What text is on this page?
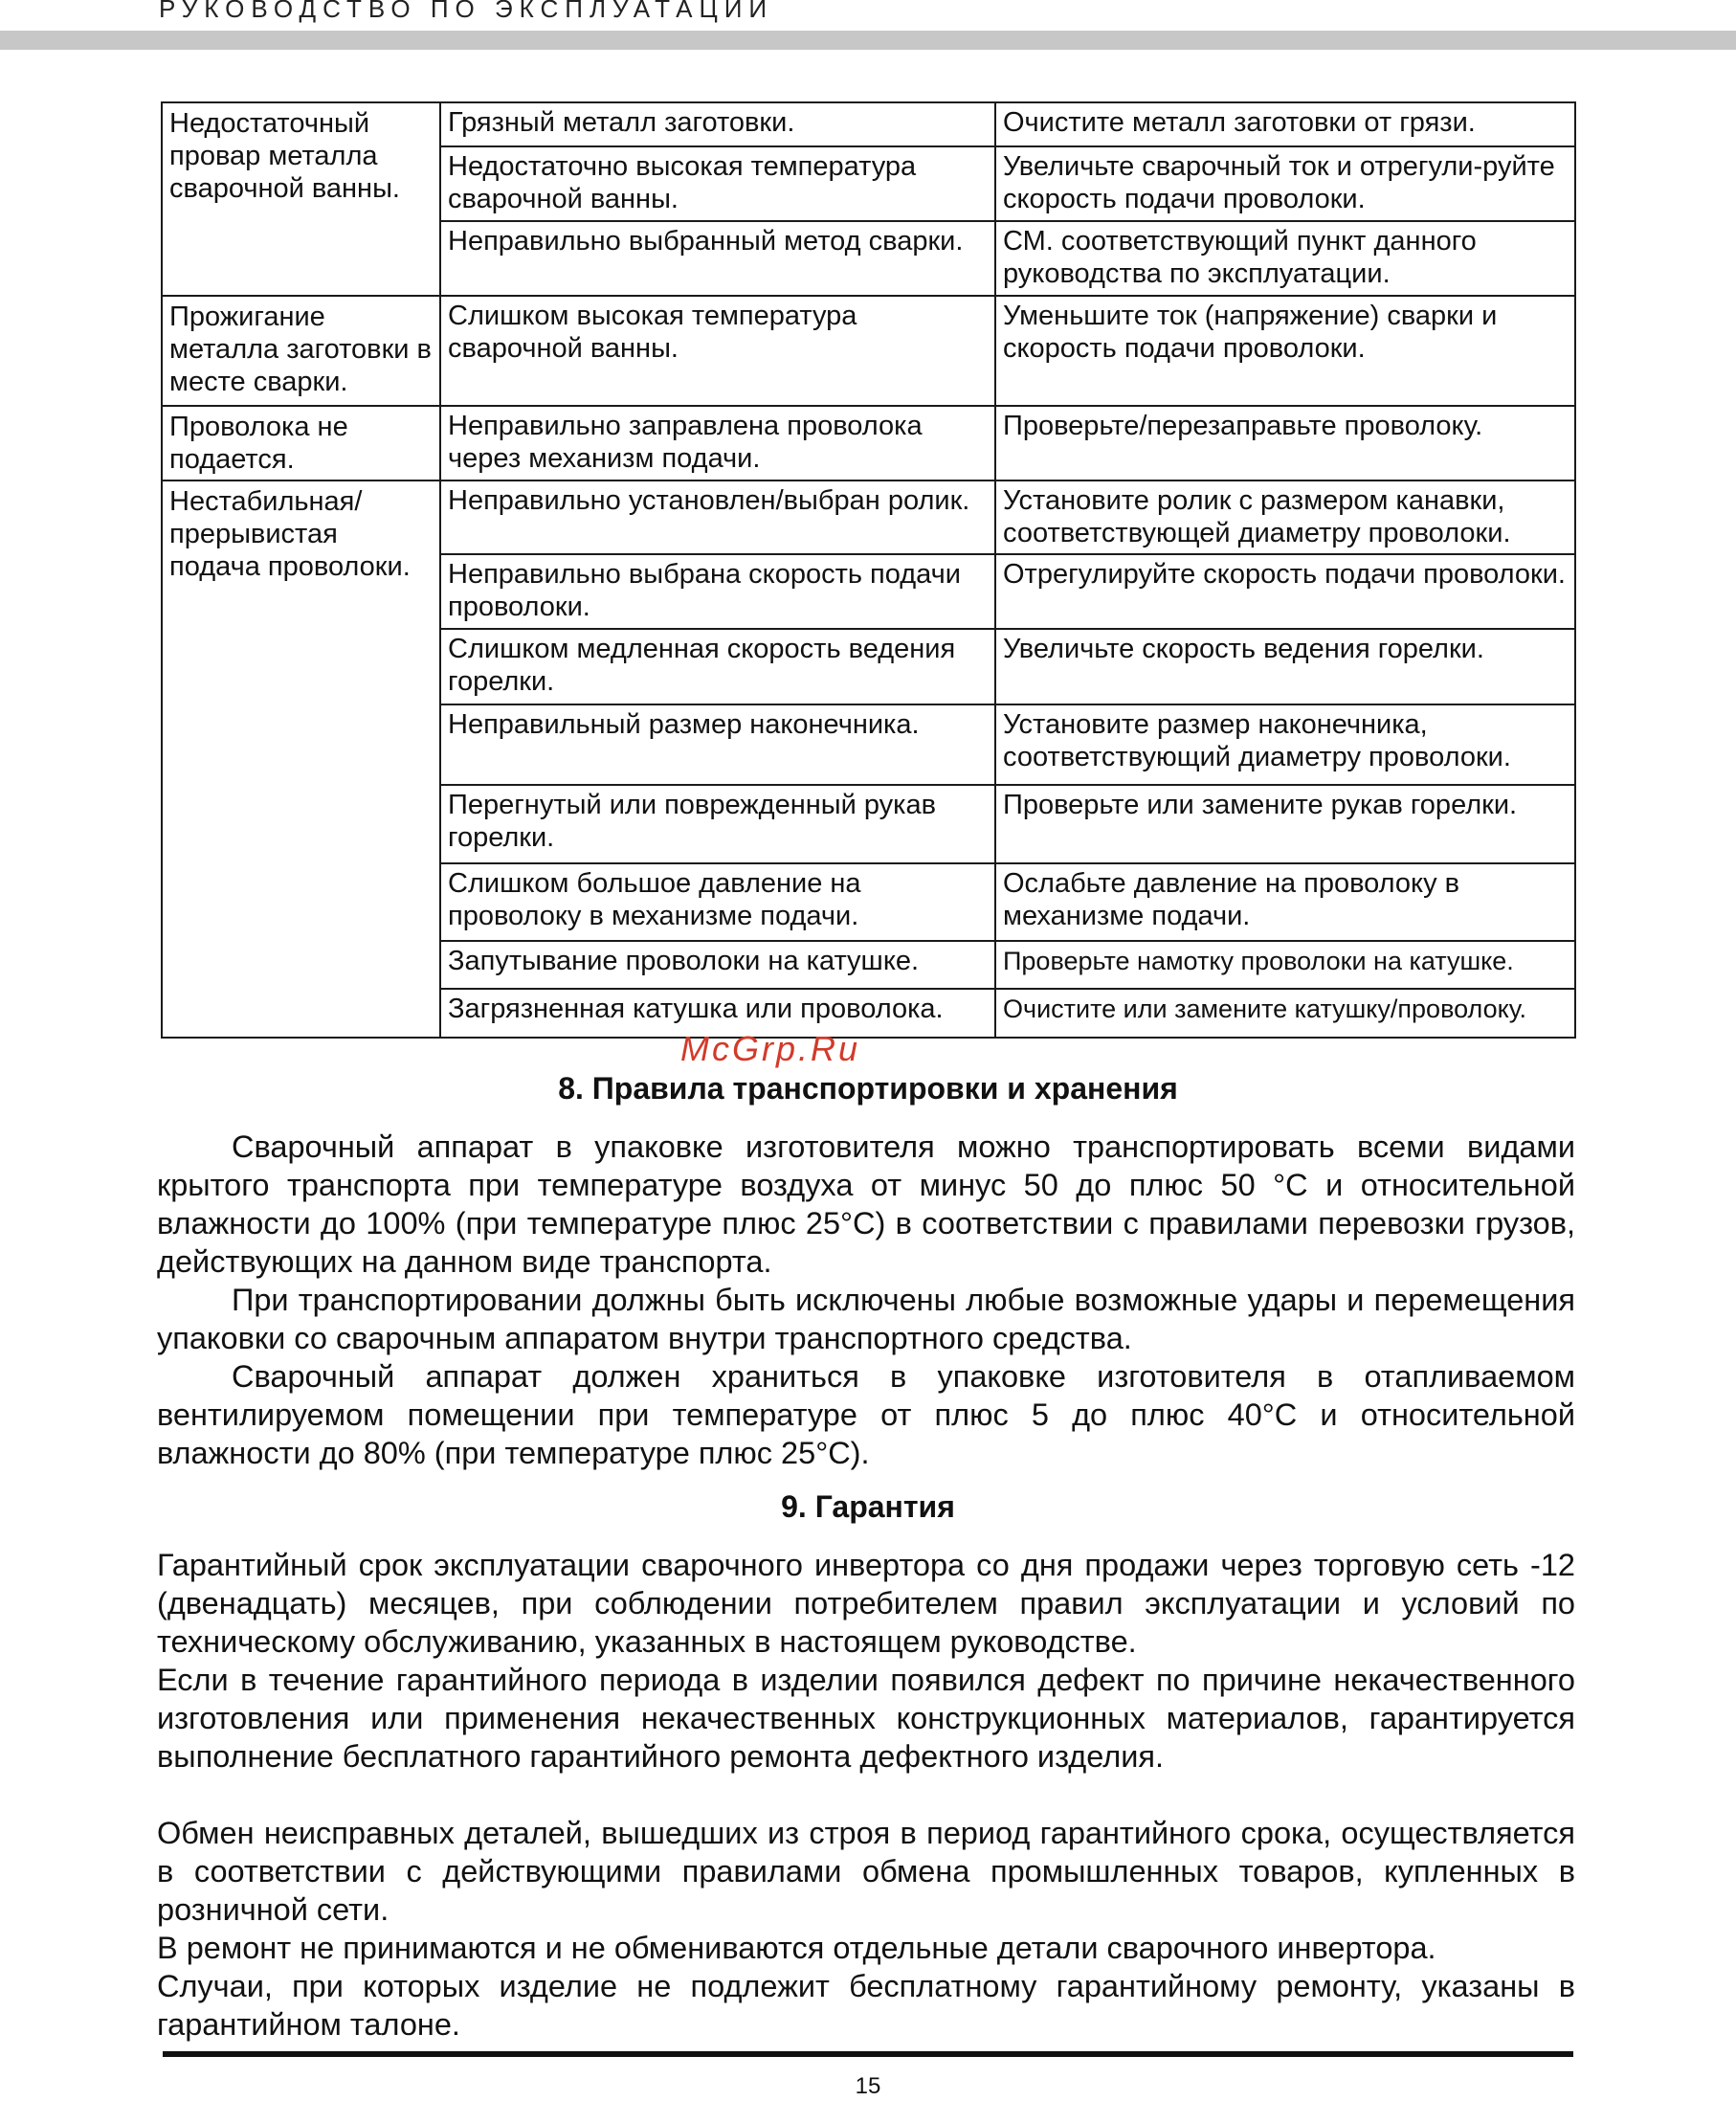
РУКОВОДСТВО ПО ЭКСПЛУАТАЦИИ
Недостаточный провар металла сварочной ванны.	Грязный металл заготовки.	Очистите металл заготовки от грязи.
	Недостаточно высокая температура сварочной ванны.	Увеличьте сварочный ток и отрегули-руйте скорость подачи проволоки.
	Неправильно выбранный метод сварки.	СМ. соответствующий пункт данного руководства по эксплуатации.
Прожигание металла заготовки в месте сварки.	Слишком высокая температура сварочной ванны.	Уменьшите ток (напряжение) сварки и скорость подачи проволоки.
Проволока не подается.	Неправильно заправлена проволока через механизм подачи.	Проверьте/перезаправьте проволоку.
Нестабильная/ прерывистая подача проволоки.	Неправильно установлен/выбран ролик.	Установите ролик с размером канавки, соответствующей диаметру проволоки.
	Неправильно выбрана скорость подачи проволоки.	Отрегулируйте скорость подачи проволоки.
	Слишком медленная скорость ведения горелки.	Увеличьте скорость ведения горелки.
	Неправильный размер наконечника.	Установите размер наконечника, соответствующий диаметру проволоки.
	Перегнутый или поврежденный рукав горелки.	Проверьте или замените рукав горелки.
	Слишком большое давление на проволоку в механизме подачи.	Ослабьте давление на проволоку в механизме подачи.
	Запутывание проволоки на катушке.	Проверьте намотку проволоки на катушке.
	Загрязненная катушка или проволока.	Очистите или замените катушку/проволоку.
McGrp.Ru
8. Правила транспортировки и хранения

Сварочный аппарат в упаковке изготовителя можно транспортировать всеми видами крытого транспорта при температуре воздуха от минус 50 до плюс 50 °С и относительной влажности до 100% (при температуре плюс 25°С) в соответствии с правилами перевозки грузов, действующих на данном виде транспорта.

При транспортировании должны быть исключены любые возможные удары и перемещения упаковки со сварочным аппаратом внутри транспортного средства.

Сварочный аппарат должен храниться в упаковке изготовителя в отапливаемом вентилируемом помещении при температуре от плюс 5 до плюс 40°С и относительной влажности до 80% (при температуре плюс 25°С).

9. Гарантия

Гарантийный срок эксплуатации сварочного инвертора со дня продажи через торговую сеть -12 (двенадцать) месяцев, при соблюдении потребителем правил эксплуатации и условий по техническому обслуживанию, указанных в настоящем руководстве.

Если в течение гарантийного периода в изделии появился дефект по причине некачественного изготовления или применения некачественных конструкционных материалов, гарантируется выполнение бесплатного гарантийного ремонта дефектного изделия.

Обмен неисправных деталей, вышедших из строя в период гарантийного срока, осуществляется в соответствии с действующими правилами обмена промышленных товаров, купленных в розничной сети.

В ремонт не принимаются и не обмениваются отдельные детали сварочного инвертора.

Случаи, при которых изделие не подлежит бесплатному гарантийному ремонту, указаны в гарантийном талоне.

15
